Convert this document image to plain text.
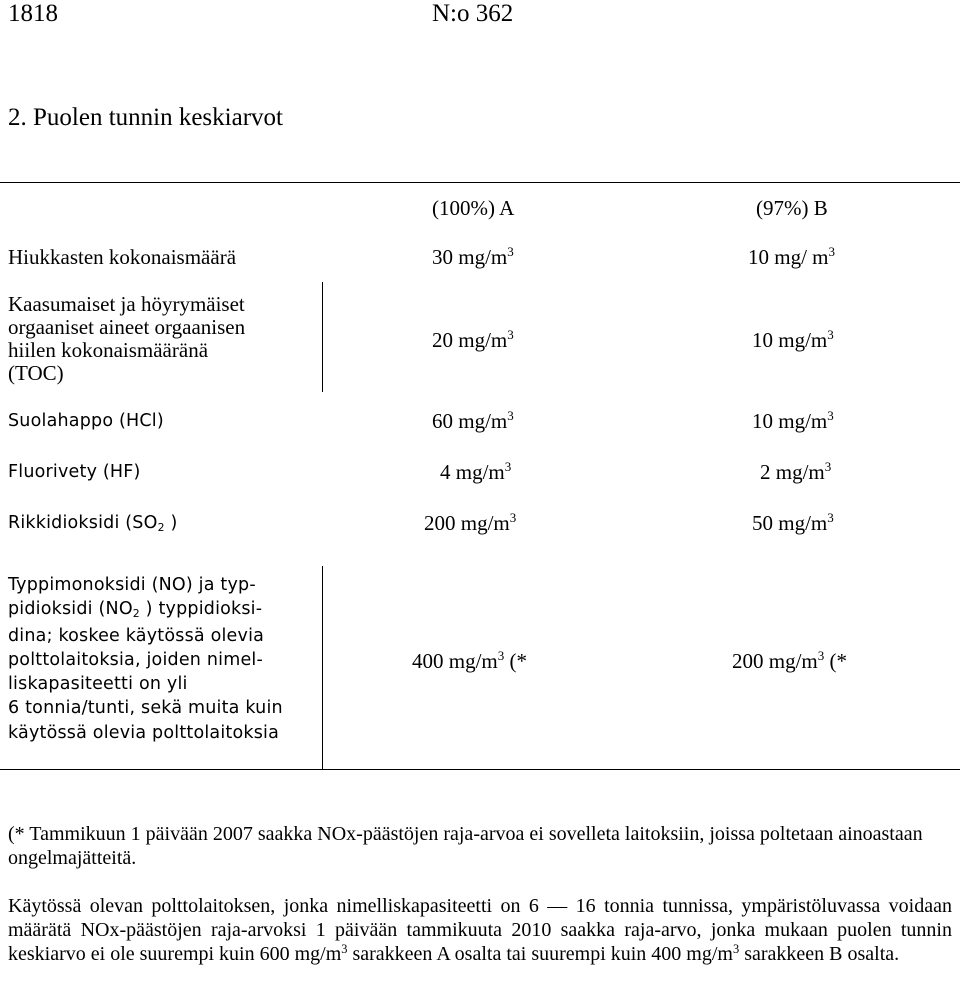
1818	N:o 362
2. Puolen tunnin keskiarvot
(100%) A	(97%) B
Hiukkasten kokonaismäärä	30 $mg/m^3$	10 mg/ $m^3$
Kaasumaiset ja höyrymäiset
orgaaniset aineet orgaanisen
hiilen kokonaismääränä
(TOC)
20 $mg/m^3$	10 $mg/m^3$
Suolahappo (HCl)	60 $mg/m^3$	10 $mg/m^3$
Fluorivety (HF)	4 $mg/m^3$	2 $mg/m^3$
Rikkidioksidi ($SO_2$ )	200 $mg/m^3$	50 $mg/m^3$
Typpimonoksidi (NO) ja typ-
pidioksidi ($NO_2$ ) typpidioksi-
dina; koskee käytössä olevia
polttolaitoksia, joiden nimel-
liskapasiteetti on yli
6 tonnia/tunti, sekä muita kuin
käytössä olevia polttolaitoksia
400 $mg/m^3$ (*	200 $mg/m^3$ (*
(* Tammikuun 1 päivään 2007 saakka NOx-päästöjen raja-arvoa ei sovelleta laitoksiin, joissa poltetaan ainoastaan ongelmajätteitä.
Käytössä olevan polttolaitoksen, jonka nimelliskapasiteetti on 6 — 16 tonnia tunnissa, ympäristöluvassa voidaan määrätä NOx-päästöjen raja-arvoksi 1 päivään tammikuuta 2010 saakka raja-arvo, jonka mukaan puolen tunnin keskiarvo ei ole suurempi kuin 600 $mg/m^3$ sarakkeen A osalta tai suurempi kuin 400 $mg/m^3$ sarakkeen B osalta.
